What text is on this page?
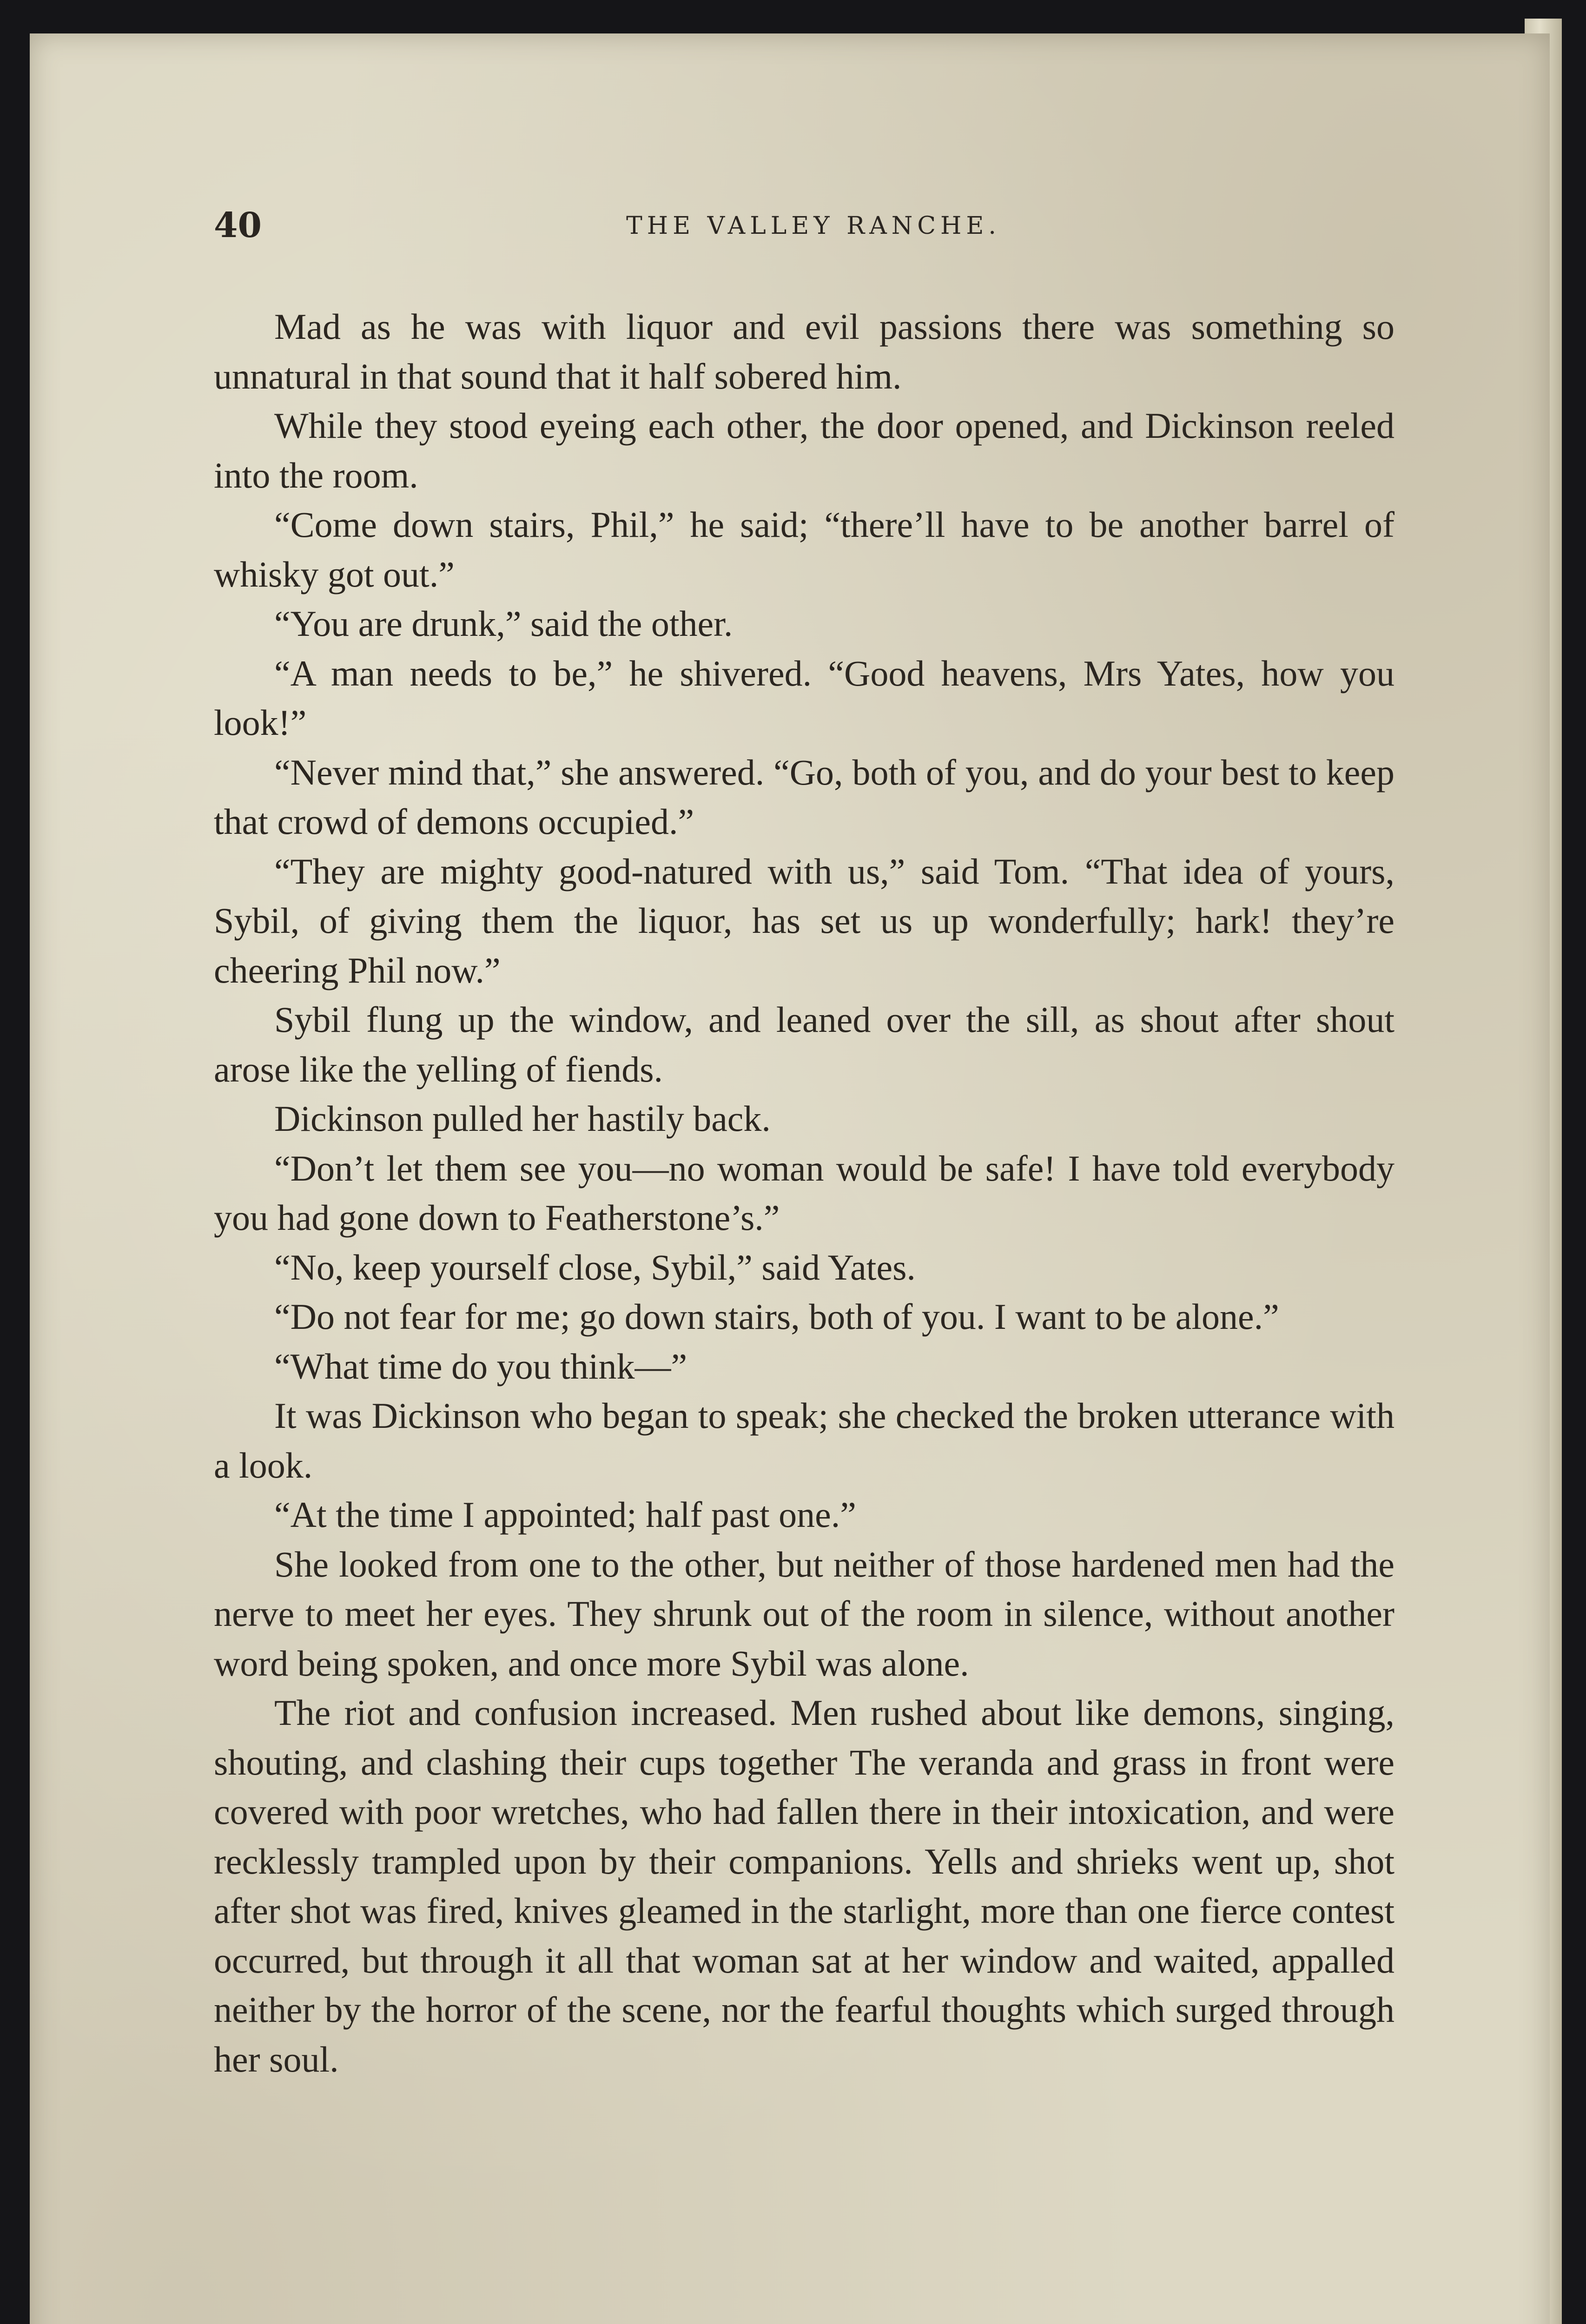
40	THE VALLEY RANCHE.

Mad as he was with liquor and evil passions there was something so unnatural in that sound that it half sobered him.

While they stood eyeing each other, the door opened, and Dickinson reeled into the room.

“Come down stairs, Phil,” he said; “there’ll have to be another barrel of whisky got out.”

“You are drunk,” said the other.

“A man needs to be,” he shivered. “Good heavens, Mrs Yates, how you look!”

“Never mind that,” she answered. “Go, both of you, and do your best to keep that crowd of demons occupied.”

“They are mighty good-natured with us,” said Tom. “That idea of yours, Sybil, of giving them the liquor, has set us up wonderfully; hark! they’re cheering Phil now.”

Sybil flung up the window, and leaned over the sill, as shout after shout arose like the yelling of fiends.

Dickinson pulled her hastily back.

“Don’t let them see you—no woman would be safe! I have told everybody you had gone down to Featherstone’s.”

“No, keep yourself close, Sybil,” said Yates.

“Do not fear for me; go down stairs, both of you. I want to be alone.”

“What time do you think—”

It was Dickinson who began to speak; she checked the broken utterance with a look.

“At the time I appointed; half past one.”

She looked from one to the other, but neither of those hardened men had the nerve to meet her eyes. They shrunk out of the room in silence, without another word being spoken, and once more Sybil was alone.

The riot and confusion increased. Men rushed about like demons, singing, shouting, and clashing their cups together The veranda and grass in front were covered with poor wretches, who had fallen there in their intoxication, and were recklessly trampled upon by their companions. Yells and shrieks went up, shot after shot was fired, knives gleamed in the starlight, more than one fierce contest occurred, but through it all that woman sat at her window and waited, appalled neither by the horror of the scene, nor the fearful thoughts which surged through her soul.
